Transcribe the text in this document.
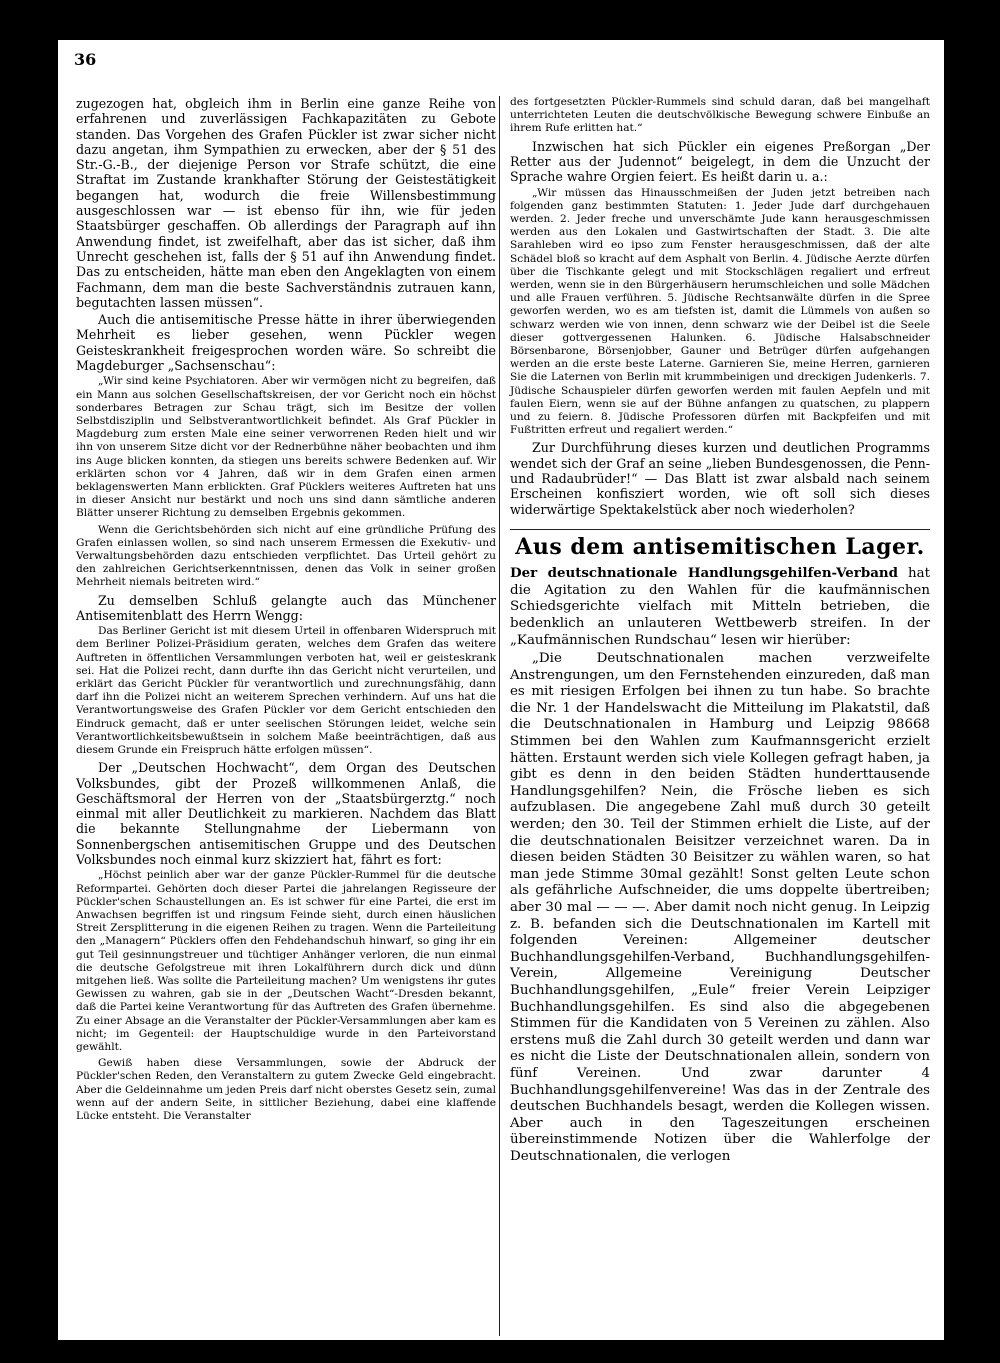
36

zugezogen hat, obgleich ihm in Berlin eine ganze Reihe von erfahrenen und zuverlässigen Fachkapazitäten zu Gebote standen. Das Vorgehen des Grafen Pückler ist zwar sicher nicht dazu angetan, ihm Sympathien zu erwecken, aber der § 51 des Str.-G.-B., der diejenige Person vor Strafe schützt, die eine Straftat im Zustande krankhafter Störung der Geistestätigkeit begangen hat, wodurch die freie Willensbestimmung ausgeschlossen war — ist ebenso für ihn, wie für jeden Staatsbürger geschaffen. Ob allerdings der Paragraph auf ihn Anwendung findet, ist zweifelhaft, aber das ist sicher, daß ihm Unrecht geschehen ist, falls der § 51 auf ihn Anwendung findet. Das zu entscheiden, hätte man eben den Angeklagten von einem Fachmann, dem man die beste Sachverständnis zutrauen kann, begutachten lassen müssen“.

Auch die antisemitische Presse hätte in ihrer überwiegenden Mehrheit es lieber gesehen, wenn Pückler wegen Geisteskrankheit freigesprochen worden wäre. So schreibt die Magdeburger „Sachsenschau“:

„Wir sind keine Psychiatoren. Aber wir vermögen nicht zu begreifen, daß ein Mann aus solchen Gesellschaftskreisen, der vor Gericht noch ein höchst sonderbares Betragen zur Schau trägt, sich im Besitze der vollen Selbstdisziplin und Selbstverantwortlichkeit befindet. Als Graf Pückler in Magdeburg zum ersten Male eine seiner verworrenen Reden hielt und wir ihn von unserem Sitze dicht vor der Rednerbühne näher beobachten und ihm ins Auge blicken konnten, da stiegen uns bereits schwere Bedenken auf. Wir erklärten schon vor 4 Jahren, daß wir in dem Grafen einen armen beklagenswerten Mann erblickten. Graf Pücklers weiteres Auftreten hat uns in dieser Ansicht nur bestärkt und noch uns sind dann sämtliche anderen Blätter unserer Richtung zu demselben Ergebnis gekommen.

Wenn die Gerichtsbehörden sich nicht auf eine gründliche Prüfung des Grafen einlassen wollen, so sind nach unserem Ermessen die Exekutiv- und Verwaltungsbehörden dazu entschieden verpflichtet. Das Urteil gehört zu den zahlreichen Gerichtserkenntnissen, denen das Volk in seiner großen Mehrheit niemals beitreten wird.“

Zu demselben Schluß gelangte auch das Münchener Antisemitenblatt des Herrn Wengg:

Das Berliner Gericht ist mit diesem Urteil in offenbaren Widerspruch mit dem Berliner Polizei-Präsidium geraten, welches dem Grafen das weitere Auftreten in öffentlichen Versammlungen verboten hat, weil er geisteskrank sei. Hat die Polizei recht, dann durfte ihn das Gericht nicht verurteilen, und erklärt das Gericht Pückler für verantwortlich und zurechnungsfähig, dann darf ihn die Polizei nicht an weiterem Sprechen verhindern. Auf uns hat die Verantwortungsweise des Grafen Pückler vor dem Gericht entschieden den Eindruck gemacht, daß er unter seelischen Störungen leidet, welche sein Verantwortlichkeitsbewußtsein in solchem Maße beeinträchtigen, daß aus diesem Grunde ein Freispruch hätte erfolgen müssen“.

Der „Deutschen Hochwacht“, dem Organ des Deutschen Volksbundes, gibt der Prozeß willkommenen Anlaß, die Geschäftsmoral der Herren von der „Staatsbürgerztg.“ noch einmal mit aller Deutlichkeit zu markieren. Nachdem das Blatt die bekannte Stellungnahme der Liebermann von Sonnenbergschen antisemitischen Gruppe und des Deutschen Volksbundes noch einmal kurz skizziert hat, fährt es fort:

„Höchst peinlich aber war der ganze Pückler-Rummel für die deutsche Reformpartei. Gehörten doch dieser Partei die jahrelangen Regisseure der Pückler'schen Schaustellungen an. Es ist schwer für eine Partei, die erst im Anwachsen begriffen ist und ringsum Feinde sieht, durch einen häuslichen Streit Zersplitterung in die eigenen Reihen zu tragen. Wenn die Parteileitung den „Managern“ Pücklers offen den Fehdehandschuh hinwarf, so ging ihr ein gut Teil gesinnungstreuer und tüchtiger Anhänger verloren, die nun einmal die deutsche Gefolgstreue mit ihren Lokalführern durch dick und dünn mitgehen ließ. Was sollte die Parteileitung machen? Um wenigstens ihr gutes Gewissen zu wahren, gab sie in der „Deutschen Wacht“-Dresden bekannt, daß die Partei keine Verantwortung für das Auftreten des Grafen übernehme. Zu einer Absage an die Veranstalter der Pückler-Versammlungen aber kam es nicht; im Gegenteil: der Hauptschuldige wurde in den Parteivorstand gewählt.

Gewiß haben diese Versammlungen, sowie der Abdruck der Pückler'schen Reden, den Veranstaltern zu gutem Zwecke Geld eingebracht. Aber die Geldeinnahme um jeden Preis darf nicht oberstes Gesetz sein, zumal wenn auf der andern Seite, in sittlicher Beziehung, dabei eine klaffende Lücke entsteht. Die Veranstalter

des fortgesetzten Pückler-Rummels sind schuld daran, daß bei mangelhaft unterrichteten Leuten die deutschvölkische Bewegung schwere Einbuße an ihrem Rufe erlitten hat.“

Inzwischen hat sich Pückler ein eigenes Preßorgan „Der Retter aus der Judennot“ beigelegt, in dem die Unzucht der Sprache wahre Orgien feiert. Es heißt darin u. a.:

„Wir müssen das Hinausschmeißen der Juden jetzt betreiben nach folgenden ganz bestimmten Statuten: 1. Jeder Jude darf durchgehauen werden. 2. Jeder freche und unverschämte Jude kann herausgeschmissen werden aus den Lokalen und Gastwirtschaften der Stadt. 3. Die alte Sarahleben wird eo ipso zum Fenster herausgeschmissen, daß der alte Schädel bloß so kracht auf dem Asphalt von Berlin. 4. Jüdische Aerzte dürfen über die Tischkante gelegt und mit Stockschlägen regaliert und erfreut werden, wenn sie in den Bürgerhäusern herumschleichen und solle Mädchen und alle Frauen verführen. 5. Jüdische Rechtsanwälte dürfen in die Spree geworfen werden, wo es am tiefsten ist, damit die Lümmels von außen so schwarz werden wie von innen, denn schwarz wie der Deibel ist die Seele dieser gottvergessenen Halunken. 6. Jüdische Halsabschneider Börsenbarone, Börsenjobber, Gauner und Betrüger dürfen aufgehangen werden an die erste beste Laterne. Garnieren Sie, meine Herren, garnieren Sie die Laternen von Berlin mit krummbeinigen und dreckigen Judenkerls. 7. Jüdische Schauspieler dürfen geworfen werden mit faulen Aepfeln und mit faulen Eiern, wenn sie auf der Bühne anfangen zu quatschen, zu plappern und zu feiern. 8. Jüdische Professoren dürfen mit Backpfeifen und mit Fußtritten erfreut und regaliert werden.“

Zur Durchführung dieses kurzen und deutlichen Programms wendet sich der Graf an seine „lieben Bundesgenossen, die Penn- und Radaubrüder!“ — Das Blatt ist zwar alsbald nach seinem Erscheinen konfisziert worden, wie oft soll sich dieses widerwärtige Spektakelstück aber noch wiederholen?

Aus dem antisemitischen Lager.

Der deutschnationale Handlungsgehilfen-Verband hat die Agitation zu den Wahlen für die kaufmännischen Schiedsgerichte vielfach mit Mitteln betrieben, die bedenklich an unlauteren Wettbewerb streifen. In der „Kaufmännischen Rundschau“ lesen wir hierüber:

„Die Deutschnationalen machen verzweifelte Anstrengungen, um den Fernstehenden einzureden, daß man es mit riesigen Erfolgen bei ihnen zu tun habe. So brachte die Nr. 1 der Handelswacht die Mitteilung im Plakatstil, daß die Deutschnationalen in Hamburg und Leipzig 98668 Stimmen bei den Wahlen zum Kaufmannsgericht erzielt hätten. Erstaunt werden sich viele Kollegen gefragt haben, ja gibt es denn in den beiden Städten hunderttausende Handlungsgehilfen? Nein, die Frösche lieben es sich aufzublasen. Die angegebene Zahl muß durch 30 geteilt werden; den 30. Teil der Stimmen erhielt die Liste, auf der die deutschnationalen Beisitzer verzeichnet waren. Da in diesen beiden Städten 30 Beisitzer zu wählen waren, so hat man jede Stimme 30mal gezählt! Sonst gelten Leute schon als gefährliche Aufschneider, die ums doppelte übertreiben; aber 30 mal — — —. Aber damit noch nicht genug. In Leipzig z. B. befanden sich die Deutschnationalen im Kartell mit folgenden Vereinen: Allgemeiner deutscher Buchhandlungsgehilfen-Verband, Buchhandlungsgehilfen-Verein, Allgemeine Vereinigung Deutscher Buchhandlungsgehilfen, „Eule“ freier Verein Leipziger Buchhandlungsgehilfen. Es sind also die abgegebenen Stimmen für die Kandidaten von 5 Vereinen zu zählen. Also erstens muß die Zahl durch 30 geteilt werden und dann war es nicht die Liste der Deutschnationalen allein, sondern von fünf Vereinen. Und zwar darunter 4 Buchhandlungsgehilfenvereine! Was das in der Zentrale des deutschen Buchhandels besagt, werden die Kollegen wissen. Aber auch in den Tageszeitungen erscheinen übereinstimmende Notizen über die Wahlerfolge der Deutschnationalen, die verlogen
